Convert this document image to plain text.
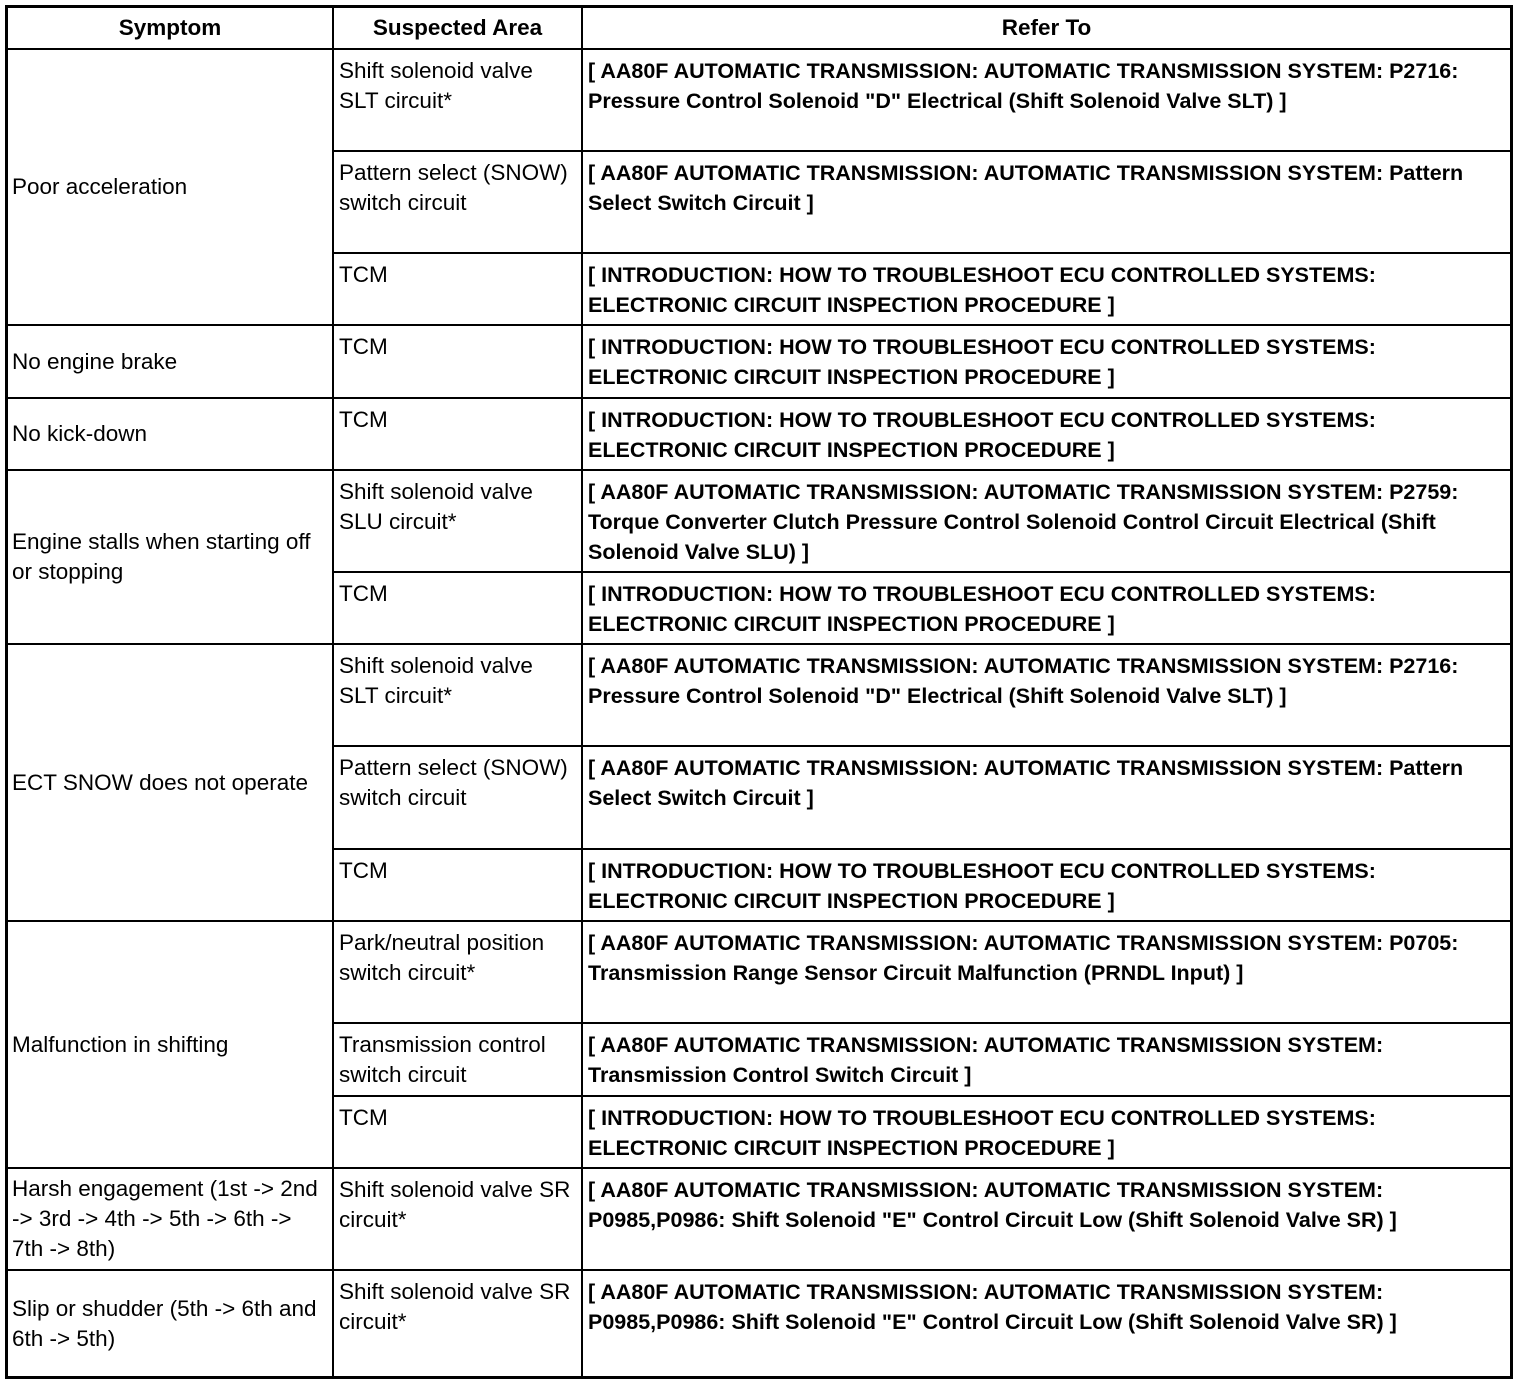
Symptom	Suspected Area	Refer To
Poor acceleration	Shift solenoid valve SLT circuit*	[ AA80F AUTOMATIC TRANSMISSION: AUTOMATIC TRANSMISSION SYSTEM: P2716: Pressure Control Solenoid "D" Electrical (Shift Solenoid Valve SLT) ]
	Pattern select (SNOW) switch circuit	[ AA80F AUTOMATIC TRANSMISSION: AUTOMATIC TRANSMISSION SYSTEM: Pattern Select Switch Circuit ]
	TCM	[ INTRODUCTION: HOW TO TROUBLESHOOT ECU CONTROLLED SYSTEMS: ELECTRONIC CIRCUIT INSPECTION PROCEDURE ]
No engine brake	TCM	[ INTRODUCTION: HOW TO TROUBLESHOOT ECU CONTROLLED SYSTEMS: ELECTRONIC CIRCUIT INSPECTION PROCEDURE ]
No kick-down	TCM	[ INTRODUCTION: HOW TO TROUBLESHOOT ECU CONTROLLED SYSTEMS: ELECTRONIC CIRCUIT INSPECTION PROCEDURE ]
Engine stalls when starting off or stopping	Shift solenoid valve SLU circuit*	[ AA80F AUTOMATIC TRANSMISSION: AUTOMATIC TRANSMISSION SYSTEM: P2759: Torque Converter Clutch Pressure Control Solenoid Control Circuit Electrical (Shift Solenoid Valve SLU) ]
	TCM	[ INTRODUCTION: HOW TO TROUBLESHOOT ECU CONTROLLED SYSTEMS: ELECTRONIC CIRCUIT INSPECTION PROCEDURE ]
ECT SNOW does not operate	Shift solenoid valve SLT circuit*	[ AA80F AUTOMATIC TRANSMISSION: AUTOMATIC TRANSMISSION SYSTEM: P2716: Pressure Control Solenoid "D" Electrical (Shift Solenoid Valve SLT) ]
	Pattern select (SNOW) switch circuit	[ AA80F AUTOMATIC TRANSMISSION: AUTOMATIC TRANSMISSION SYSTEM: Pattern Select Switch Circuit ]
	TCM	[ INTRODUCTION: HOW TO TROUBLESHOOT ECU CONTROLLED SYSTEMS: ELECTRONIC CIRCUIT INSPECTION PROCEDURE ]
Malfunction in shifting	Park/neutral position switch circuit*	[ AA80F AUTOMATIC TRANSMISSION: AUTOMATIC TRANSMISSION SYSTEM: P0705: Transmission Range Sensor Circuit Malfunction (PRNDL Input) ]
	Transmission control switch circuit	[ AA80F AUTOMATIC TRANSMISSION: AUTOMATIC TRANSMISSION SYSTEM: Transmission Control Switch Circuit ]
	TCM	[ INTRODUCTION: HOW TO TROUBLESHOOT ECU CONTROLLED SYSTEMS: ELECTRONIC CIRCUIT INSPECTION PROCEDURE ]
Harsh engagement (1st -> 2nd -> 3rd -> 4th -> 5th -> 6th -> 7th -> 8th)	Shift solenoid valve SR circuit*	[ AA80F AUTOMATIC TRANSMISSION: AUTOMATIC TRANSMISSION SYSTEM: P0985,P0986: Shift Solenoid "E" Control Circuit Low (Shift Solenoid Valve SR) ]
Slip or shudder (5th -> 6th and 6th -> 5th)	Shift solenoid valve SR circuit*	[ AA80F AUTOMATIC TRANSMISSION: AUTOMATIC TRANSMISSION SYSTEM: P0985,P0986: Shift Solenoid "E" Control Circuit Low (Shift Solenoid Valve SR) ]
